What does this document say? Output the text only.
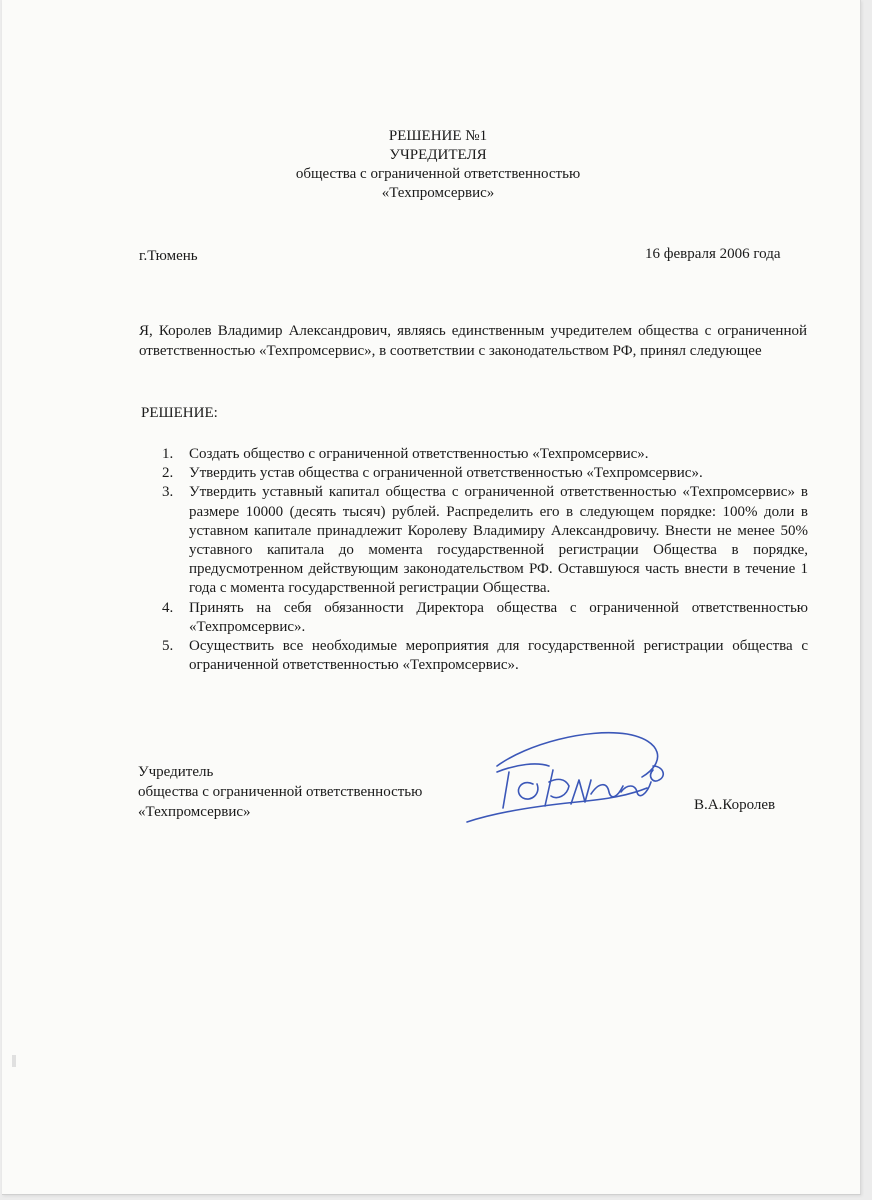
РЕШЕНИЕ №1
УЧРЕДИТЕЛЯ
общества с ограниченной ответственностью
«Техпромсервис»
г.Тюмень	16 февраля 2006 года
Я, Королев Владимир Александрович, являясь единственным учредителем общества с ограниченной ответственностью «Техпромсервис», в соответствии с законодательством РФ, принял следующее
РЕШЕНИЕ:
1. Создать общество с ограниченной ответственностью «Техпромсервис».
2. Утвердить устав общества с ограниченной ответственностью «Техпромсервис».
3. Утвердить уставный капитал общества с ограниченной ответственностью «Техпромсервис» в размере 10000 (десять тысяч) рублей. Распределить его в следующем порядке: 100% доли в уставном капитале принадлежит Королеву Владимиру Александровичу. Внести не менее 50% уставного капитала до момента государственной регистрации Общества в порядке, предусмотренном действующим законодательством РФ. Оставшуюся часть внести в течение 1 года с момента государственной регистрации Общества.
4. Принять на себя обязанности Директора общества с ограниченной ответственностью «Техпромсервис».
5. Осуществить все необходимые мероприятия для государственной регистрации общества с ограниченной ответственностью «Техпромсервис».
Учредитель
общества с ограниченной ответственностью
«Техпромсервис»	В.А.Королев
